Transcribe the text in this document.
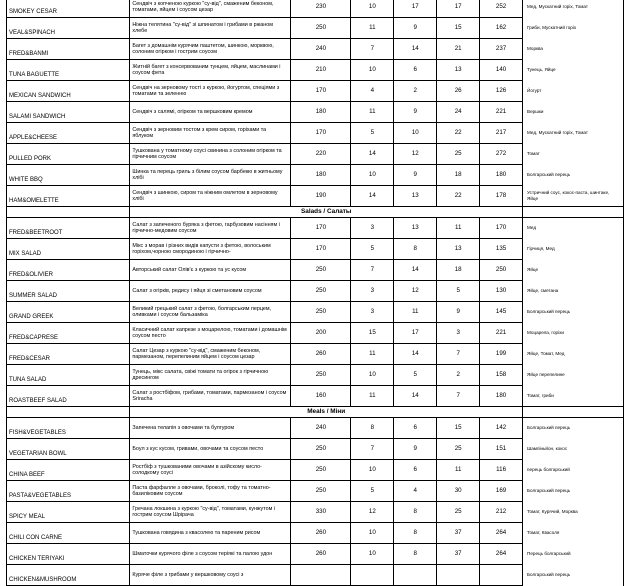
SMOKEY CESAR	Сендвіч з копченою куркою "су-від", смаженим беконом, томатами, яйцем і соусом цезар	230	10	17	17	252	Мед, Мускатний горіх, Томат
VEAL&SPINACH	Ніжна телятина "су-від" зі шпинатом і грибами в ржаном хлебе	250	11	9	15	162	Гриби, Мускатний горіх
FRED&BANMI	Багет з домашнім курячим паштетом, шинкою, морквою, солоним огірком і гострим соусом	240	7	14	21	237	Морква
TUNA BAGUETTE	Житній багет з консервованим тунцем, яйцем, маслинами і соусом фета	210	10	6	13	140	Тунець, Яйце
MEXICAN SANDWICH	Сендвіч на зерновому тості з куркою, йогуртом, спеціями з томатами та зеленню	170	4	2	26	126	Йогурт
SALAMI SANDWICH	Сендвіч з салямі, огірком та вершковим кремом	180	11	9	24	221	Вершки
APPLE&CHEESE	Сендвіч з зерновим тостом з крем сиром, горіхами та яблуком	170	5	10	22	217	Мед, Мускатний горіх, Томат
PULLED PORK	Тушкована у томатному соусі свинина з солоним огірком та гірчичним соусом	220	14	12	25	272	Томат
WHITE BBQ	Шинка та перець гриль з білим соусом барбекю в житньому хлібі	180	10	9	18	180	Болгарський перець
HAM&OMELETTE	Сендвіч з шинкою, сиром та ніжним омлетом в зерновому хлібі	190	14	13	22	178	Устричний соус, кокос-паста, шинтаке, Яйце
	Salads / Салаты						
FRED&BEETROOT	Салат з запеченого буряка з фетою, гарбузовим насінням і гірчично-медовим соусом	170	3	13	11	170	Мед
MIX SALAD	Мікс з морав і різних видів капусти з фетою, волоським горіхом,чорною смородиною і гірчично-	170	5	8	13	135	Гірчиця, Мед
FRED&OLIVIER	Авторський салат Олів'є з куркою та ус кусом	250	7	14	18	250	Яйце
SUMMER SALAD	Салат з огірків, редиcу і яйця зі сметановим соусом	250	3	12	5	130	Яйце, сметана
GRAND GREEK	Великий грецький салат з фетою, болгарським перцем, оливками і соусом бальзаміка	250	3	11	9	145	Болгарський перець
FRED&CAPRESE	Класичний салат капрезе з моцарелою, томатами і домашнім соусом песто	200	15	17	3	221	Моцарела, горіхи
FRED&CESAR	Салат Цезар з куркою "су-від", смаженим беконом, пармезаном, перепелиним яйцем і соусом цезар	260	11	14	7	199	Яйце, Томат, Мед
TUNA SALAD	Тунець, мікс салата, свіжі томати та огірок з гірчичною дресингом	250	10	5	2	158	Яйце перепелине
ROASTBEEF SALAD	Салат з ростбіфом, грибами, томатами, пармезаном і соусом Sriracha	160	11	14	7	180	Томат, гриби
	Meals / Міни						
FISH&VEGETABLES	Запечена телапія з овочами та булгуром	240	8	6	15	142	Болгарський перець
VEGETARIAN BOWL	Боул з кус кусом, гривами, овочами та соусом песто	250	7	9	25	151	Шампіньйон, кокос
CHINA BEEF	Ростбіф з тушкованими овочами в азійскому кисло-солодкому соусі	250	10	6	11	116	перець болгарський
PASTA&VEGETABLES	Паста фарфалле з овочами, броколі, тофу та томатно-базиліковим соусом	250	5	4	30	169	Болгарський перець
SPICY MEAL	Гречана локшина з куркою "су-від", томатами, кунжутом і гострим соусом Шрірача	330	12	8	25	212	Томат, Курячий, Морква
CHILI CON CARNE	Тушкована говядина з квасолею та пареним рисом	260	10	8	37	264	Томат, Квасоля
CHICKEN TERIYAKI	Шматочки курячого філе з соусом теріякі та палою удон	260	10	8	37	264	Перець болгарський
CHICKEN&MUSHROOM	Куряче філе з грибами у вершковому соусі з						Болгарський перець
